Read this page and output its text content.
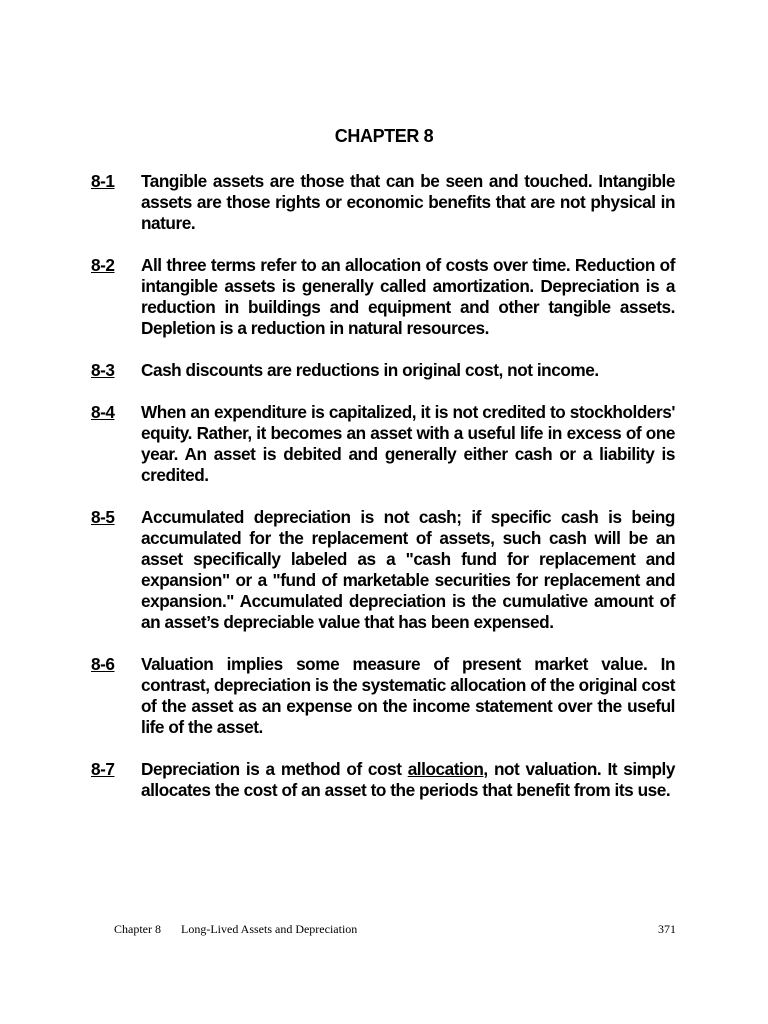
CHAPTER 8
8-1	Tangible assets are those that can be seen and touched. Intangible assets are those rights or economic benefits that are not physical in nature.
8-2	All three terms refer to an allocation of costs over time. Reduction of intangible assets is generally called amortization. Depreciation is a reduction in buildings and equipment and other tangible assets. Depletion is a reduction in natural resources.
8-3	Cash discounts are reductions in original cost, not income.
8-4	When an expenditure is capitalized, it is not credited to stockholders' equity. Rather, it becomes an asset with a useful life in excess of one year. An asset is debited and generally either cash or a liability is credited.
8-5	Accumulated depreciation is not cash; if specific cash is being accumulated for the replacement of assets, such cash will be an asset specifically labeled as a "cash fund for replacement and expansion" or a "fund of marketable securities for replacement and expansion." Accumulated depreciation is the cumulative amount of an asset’s depreciable value that has been expensed.
8-6	Valuation implies some measure of present market value. In contrast, depreciation is the systematic allocation of the original cost of the asset as an expense on the income statement over the useful life of the asset.
8-7	Depreciation is a method of cost allocation, not valuation. It simply allocates the cost of an asset to the periods that benefit from its use.
Chapter 8 Long-Lived Assets and Depreciation	371
